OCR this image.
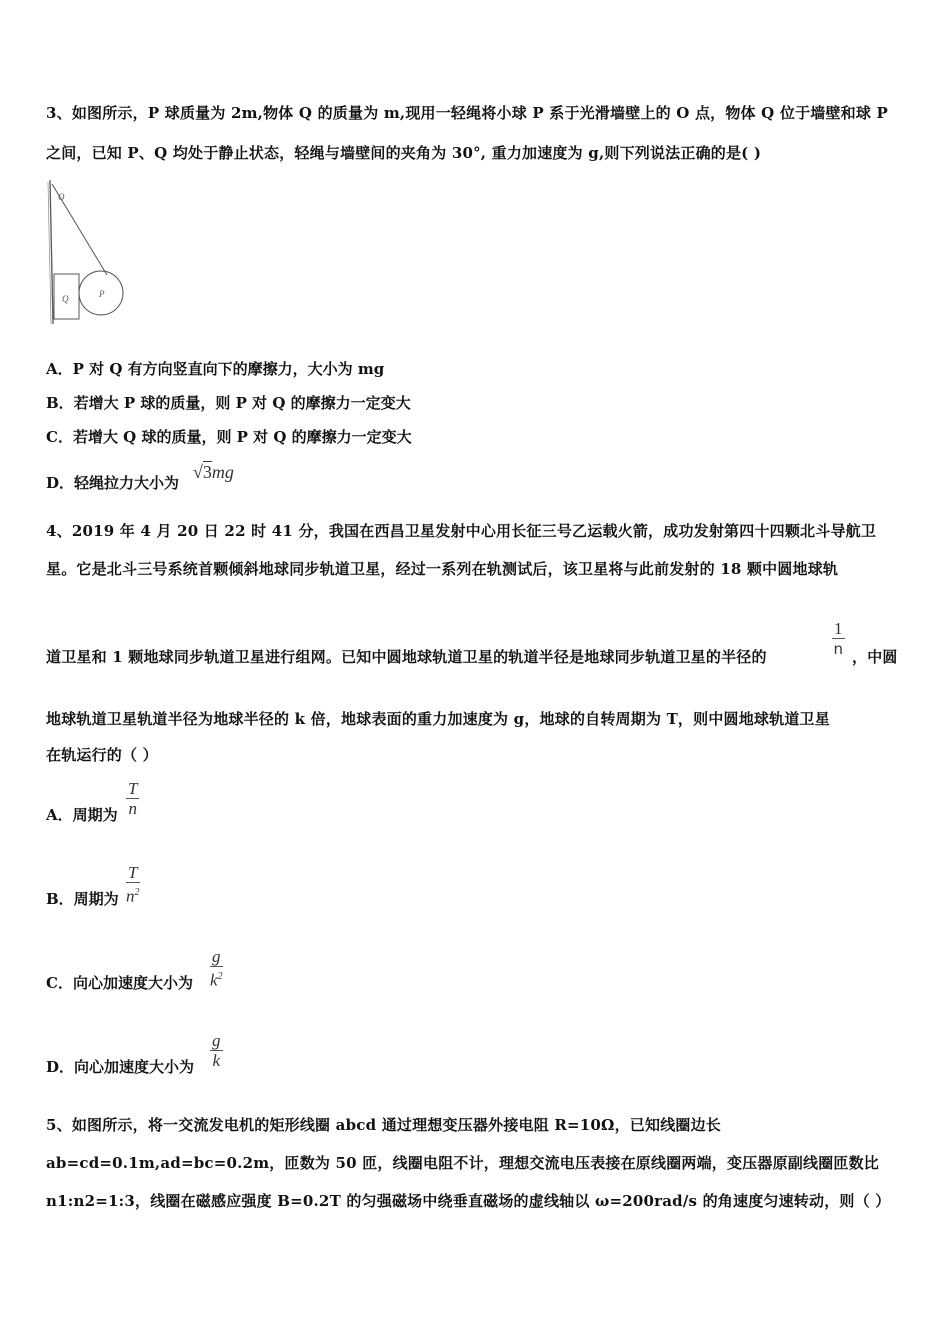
3、如图所示，P 球质量为 2m,物体 Q 的质量为 m,现用一轻绳将小球 P 系于光滑墙壁上的 O 点，物体 Q 位于墙壁和球 P
之间，已知 P、Q 均处于静止状态，轻绳与墙壁间的夹角为 30°, 重力加速度为 g,则下列说法正确的是( )
O
Q	P
A．P 对 Q 有方向竖直向下的摩擦力，大小为 mg
B．若增大 P 球的质量，则 P 对 Q 的摩擦力一定变大
C．若增大 Q 球的质量，则 P 对 Q 的摩擦力一定变大
D．轻绳拉力大小为
√3mg
4、2019 年 4 月 20 日 22 时 41 分，我国在西昌卫星发射中心用长征三号乙运载火箭，成功发射第四十四颗北斗导航卫
星。它是北斗三号系统首颗倾斜地球同步轨道卫星，经过一系列在轨测试后，该卫星将与此前发射的 18 颗中圆地球轨
道卫星和 1 颗地球同步轨道卫星进行组网。已知中圆地球轨道卫星的轨道半径是地球同步轨道卫星的半径的	$\frac{1}{n}$ ，中圆
地球轨道卫星轨道半径为地球半径的 k 倍，地球表面的重力加速度为 g，地球的自转周期为 T，则中圆地球轨道卫星
在轨运行的（ ）
A．周期为 $\frac{T}{n}$
B．周期为 $\frac{T}{n^2}$
C．向心加速度大小为 $\frac{g}{k^2}$
D．向心加速度大小为 $\frac{g}{k}$
5、如图所示，将一交流发电机的矩形线圈 abcd 通过理想变压器外接电阻 R=10Ω，已知线圈边长
ab=cd=0.1m,ad=bc=0.2m，匝数为 50 匝，线圈电阻不计，理想交流电压表接在原线圈两端，变压器原副线圈匝数比
n1:n2=1:3，线圈在磁感应强度 B=0.2T 的匀强磁场中绕垂直磁场的虚线轴以 ω=200rad/s 的角速度匀速转动，则（ ）
